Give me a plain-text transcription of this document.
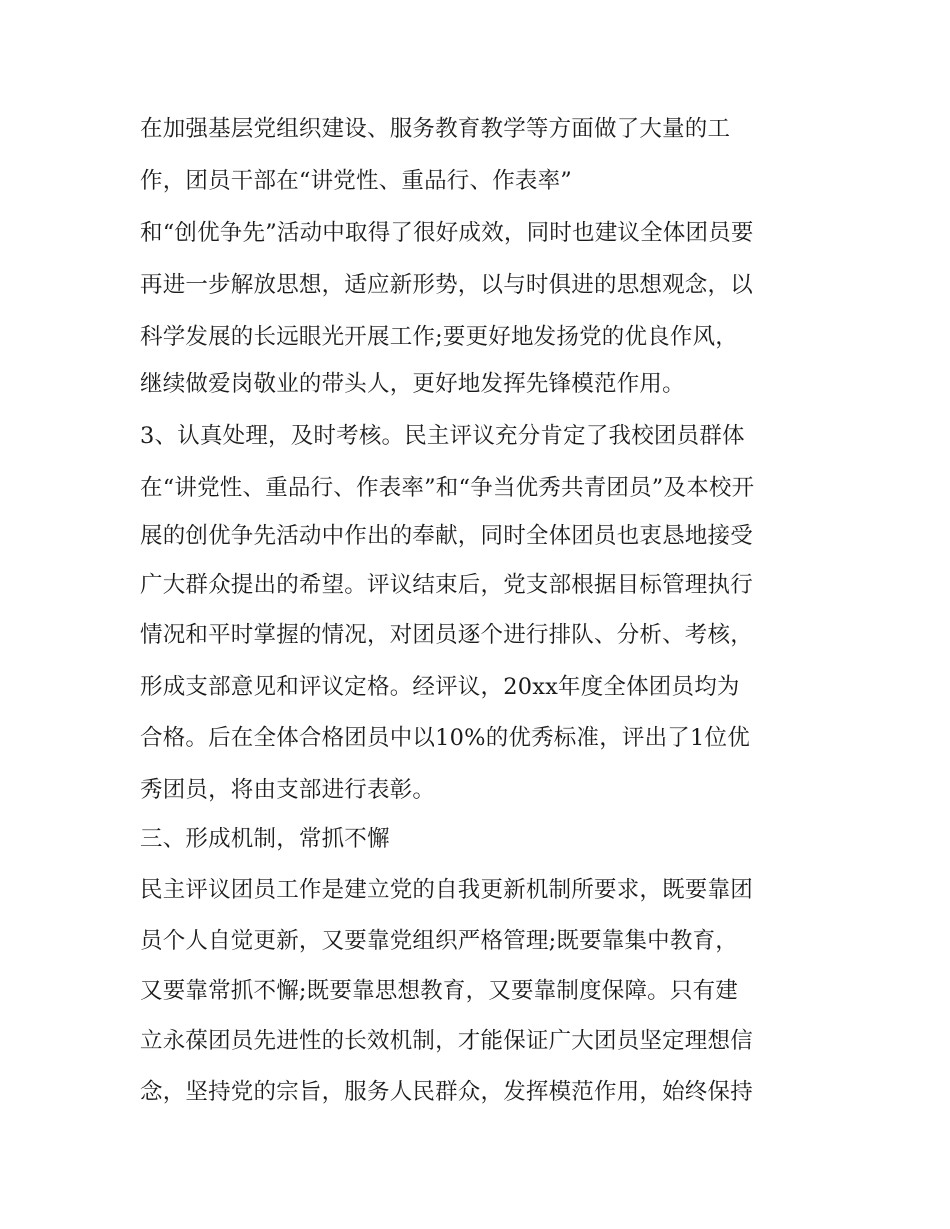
在加强基层党组织建设、服务教育教学等方面做了大量的工
作，团员干部在“讲党性、重品行、作表率”
和“创优争先”活动中取得了很好成效，同时也建议全体团员要
再进一步解放思想，适应新形势，以与时俱进的思想观念，以
科学发展的长远眼光开展工作;要更好地发扬党的优良作风，
继续做爱岗敬业的带头人，更好地发挥先锋模范作用。
3、认真处理，及时考核。民主评议充分肯定了我校团员群体
在“讲党性、重品行、作表率”和“争当优秀共青团员”及本校开
展的创优争先活动中作出的奉献，同时全体团员也衷恳地接受
广大群众提出的希望。评议结束后，党支部根据目标管理执行
情况和平时掌握的情况，对团员逐个进行排队、分析、考核，
形成支部意见和评议定格。经评议，20xx年度全体团员均为
合格。后在全体合格团员中以10%的优秀标准，评出了1位优
秀团员，将由支部进行表彰。
三、形成机制，常抓不懈
民主评议团员工作是建立党的自我更新机制所要求，既要靠团
员个人自觉更新，又要靠党组织严格管理;既要靠集中教育，
又要靠常抓不懈;既要靠思想教育，又要靠制度保障。只有建
立永葆团员先进性的长效机制，才能保证广大团员坚定理想信
念，坚持党的宗旨，服务人民群众，发挥模范作用，始终保持
